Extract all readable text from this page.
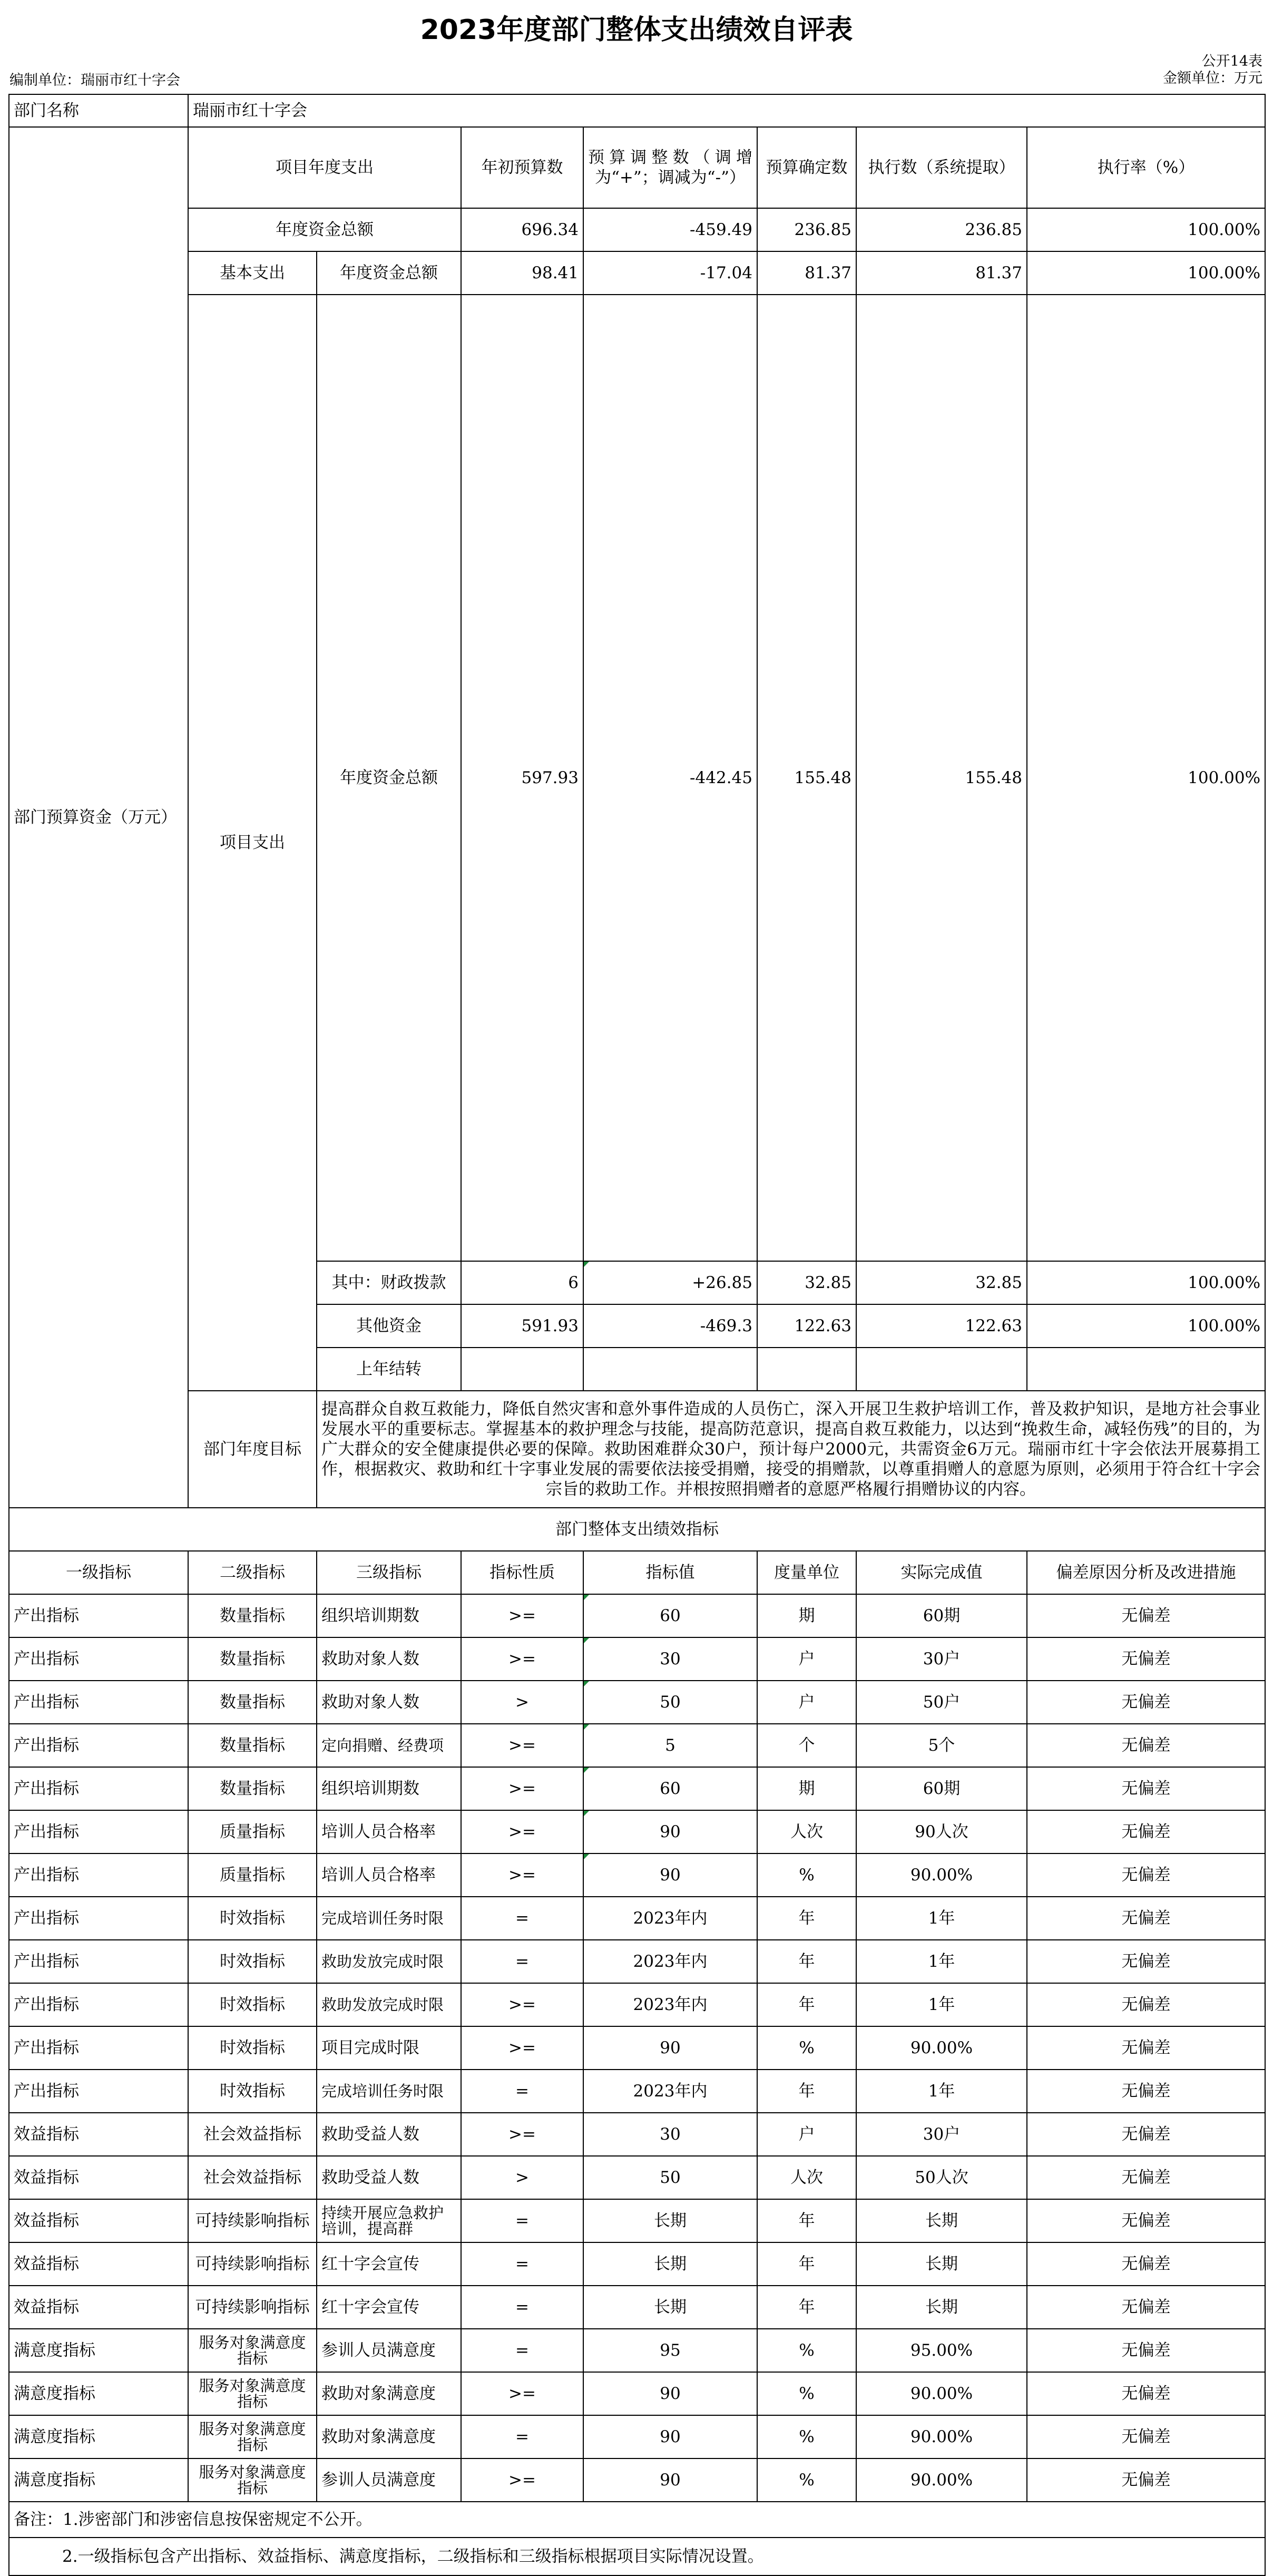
2023年度部门整体支出绩效自评表
编制单位：瑞丽市红十字会
公开14表
金额单位：万元
部门名称	瑞丽市红十字会							
部门预算资金（万元）	项目年度支出		年初预算数	预算调整数（调增为“+”；调减为“-”）	预算确定数	执行数（系统提取）	执行率（%）	
	年度资金总额		696.34	-459.49	236.85	236.85	100.00%	
	基本支出	年度资金总额	98.41	-17.04	81.37	81.37	100.00%	
	项目支出	年度资金总额	597.93	-442.45	155.48	155.48	100.00%	
		其中：财政拨款	6	+26.85	32.85	32.85	100.00%	
		其他资金	591.93	-469.3	122.63	122.63	100.00%	
		上年结转						
	部门年度目标	提高群众自救互救能力，降低自然灾害和意外事件造成的人员伤亡，深入开展卫生救护培训工作，普及救护知识，是地方社会事业发展水平的重要标志。掌握基本的救护理念与技能，提高防范意识，提高自救互救能力，以达到“挽救生命，减轻伤残”的目的，为广大群众的安全健康提供必要的保障。救助困难群众30户，预计每户2000元，共需资金6万元。瑞丽市红十字会依法开展募捐工作，根据救灾、救助和红十字事业发展的需要依法接受捐赠，接受的捐赠款，以尊重捐赠人的意愿为原则，必须用于符合红十字会宗旨的救助工作。并根按照捐赠者的意愿严格履行捐赠协议的内容。						
部门整体支出绩效指标								
一级指标	二级指标	三级指标	指标性质	指标值	度量单位	实际完成值	偏差原因分析及改进措施	
产出指标	数量指标	组织培训期数	>=	60	期	60期	无偏差	
产出指标	数量指标	救助对象人数	>=	30	户	30户	无偏差	
产出指标	数量指标	救助对象人数	>	50	户	50户	无偏差	
产出指标	数量指标	定向捐赠、经费项	>=	5	个	5个	无偏差	
产出指标	数量指标	组织培训期数	>=	60	期	60期	无偏差	
产出指标	质量指标	培训人员合格率	>=	90	人次	90人次	无偏差	
产出指标	质量指标	培训人员合格率	>=	90	%	90.00%	无偏差	
产出指标	时效指标	完成培训任务时限	=	2023年内	年	1年	无偏差	
产出指标	时效指标	救助发放完成时限	=	2023年内	年	1年	无偏差	
产出指标	时效指标	救助发放完成时限	>=	2023年内	年	1年	无偏差	
产出指标	时效指标	项目完成时限	>=	90	%	90.00%	无偏差	
产出指标	时效指标	完成培训任务时限	=	2023年内	年	1年	无偏差	
效益指标	社会效益指标	救助受益人数	>=	30	户	30户	无偏差	
效益指标	社会效益指标	救助受益人数	>	50	人次	50人次	无偏差	
效益指标	可持续影响指标	持续开展应急救护培训，提高群	=	长期	年	长期	无偏差	
效益指标	可持续影响指标	红十字会宣传	=	长期	年	长期	无偏差	
效益指标	可持续影响指标	红十字会宣传	=	长期	年	长期	无偏差	
满意度指标	服务对象满意度指标	参训人员满意度	=	95	%	95.00%	无偏差	
满意度指标	服务对象满意度指标	救助对象满意度	>=	90	%	90.00%	无偏差	
满意度指标	服务对象满意度指标	救助对象满意度	=	90	%	90.00%	无偏差	
满意度指标	服务对象满意度指标	参训人员满意度	>=	90	%	90.00%	无偏差	
备注：1.涉密部门和涉密信息按保密规定不公开。								
2.一级指标包含产出指标、效益指标、满意度指标，二级指标和三级指标根据项目实际情况设置。								
